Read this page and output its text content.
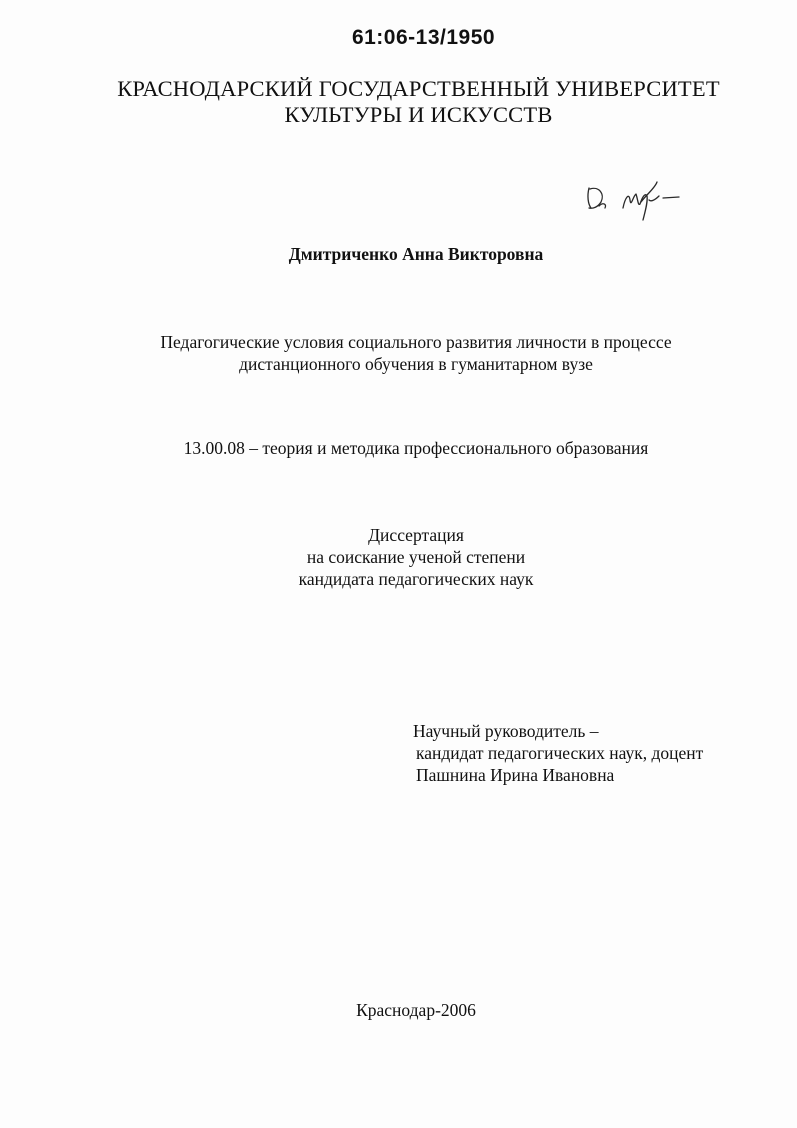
61:06-13/1950
КРАСНОДАРСКИЙ ГОСУДАРСТВЕННЫЙ УНИВЕРСИТЕТ
КУЛЬТУРЫ И ИСКУССТВ
Дмитриченко Анна Викторовна
Педагогические условия социального развития личности в процессе
дистанционного обучения в гуманитарном вузе
13.00.08 – теория и методика профессионального образования
Диссертация
на соискание ученой степени
кандидата педагогических наук
Научный руководитель –
кандидат педагогических наук, доцент
Пашнина Ирина Ивановна
Краснодар-2006
